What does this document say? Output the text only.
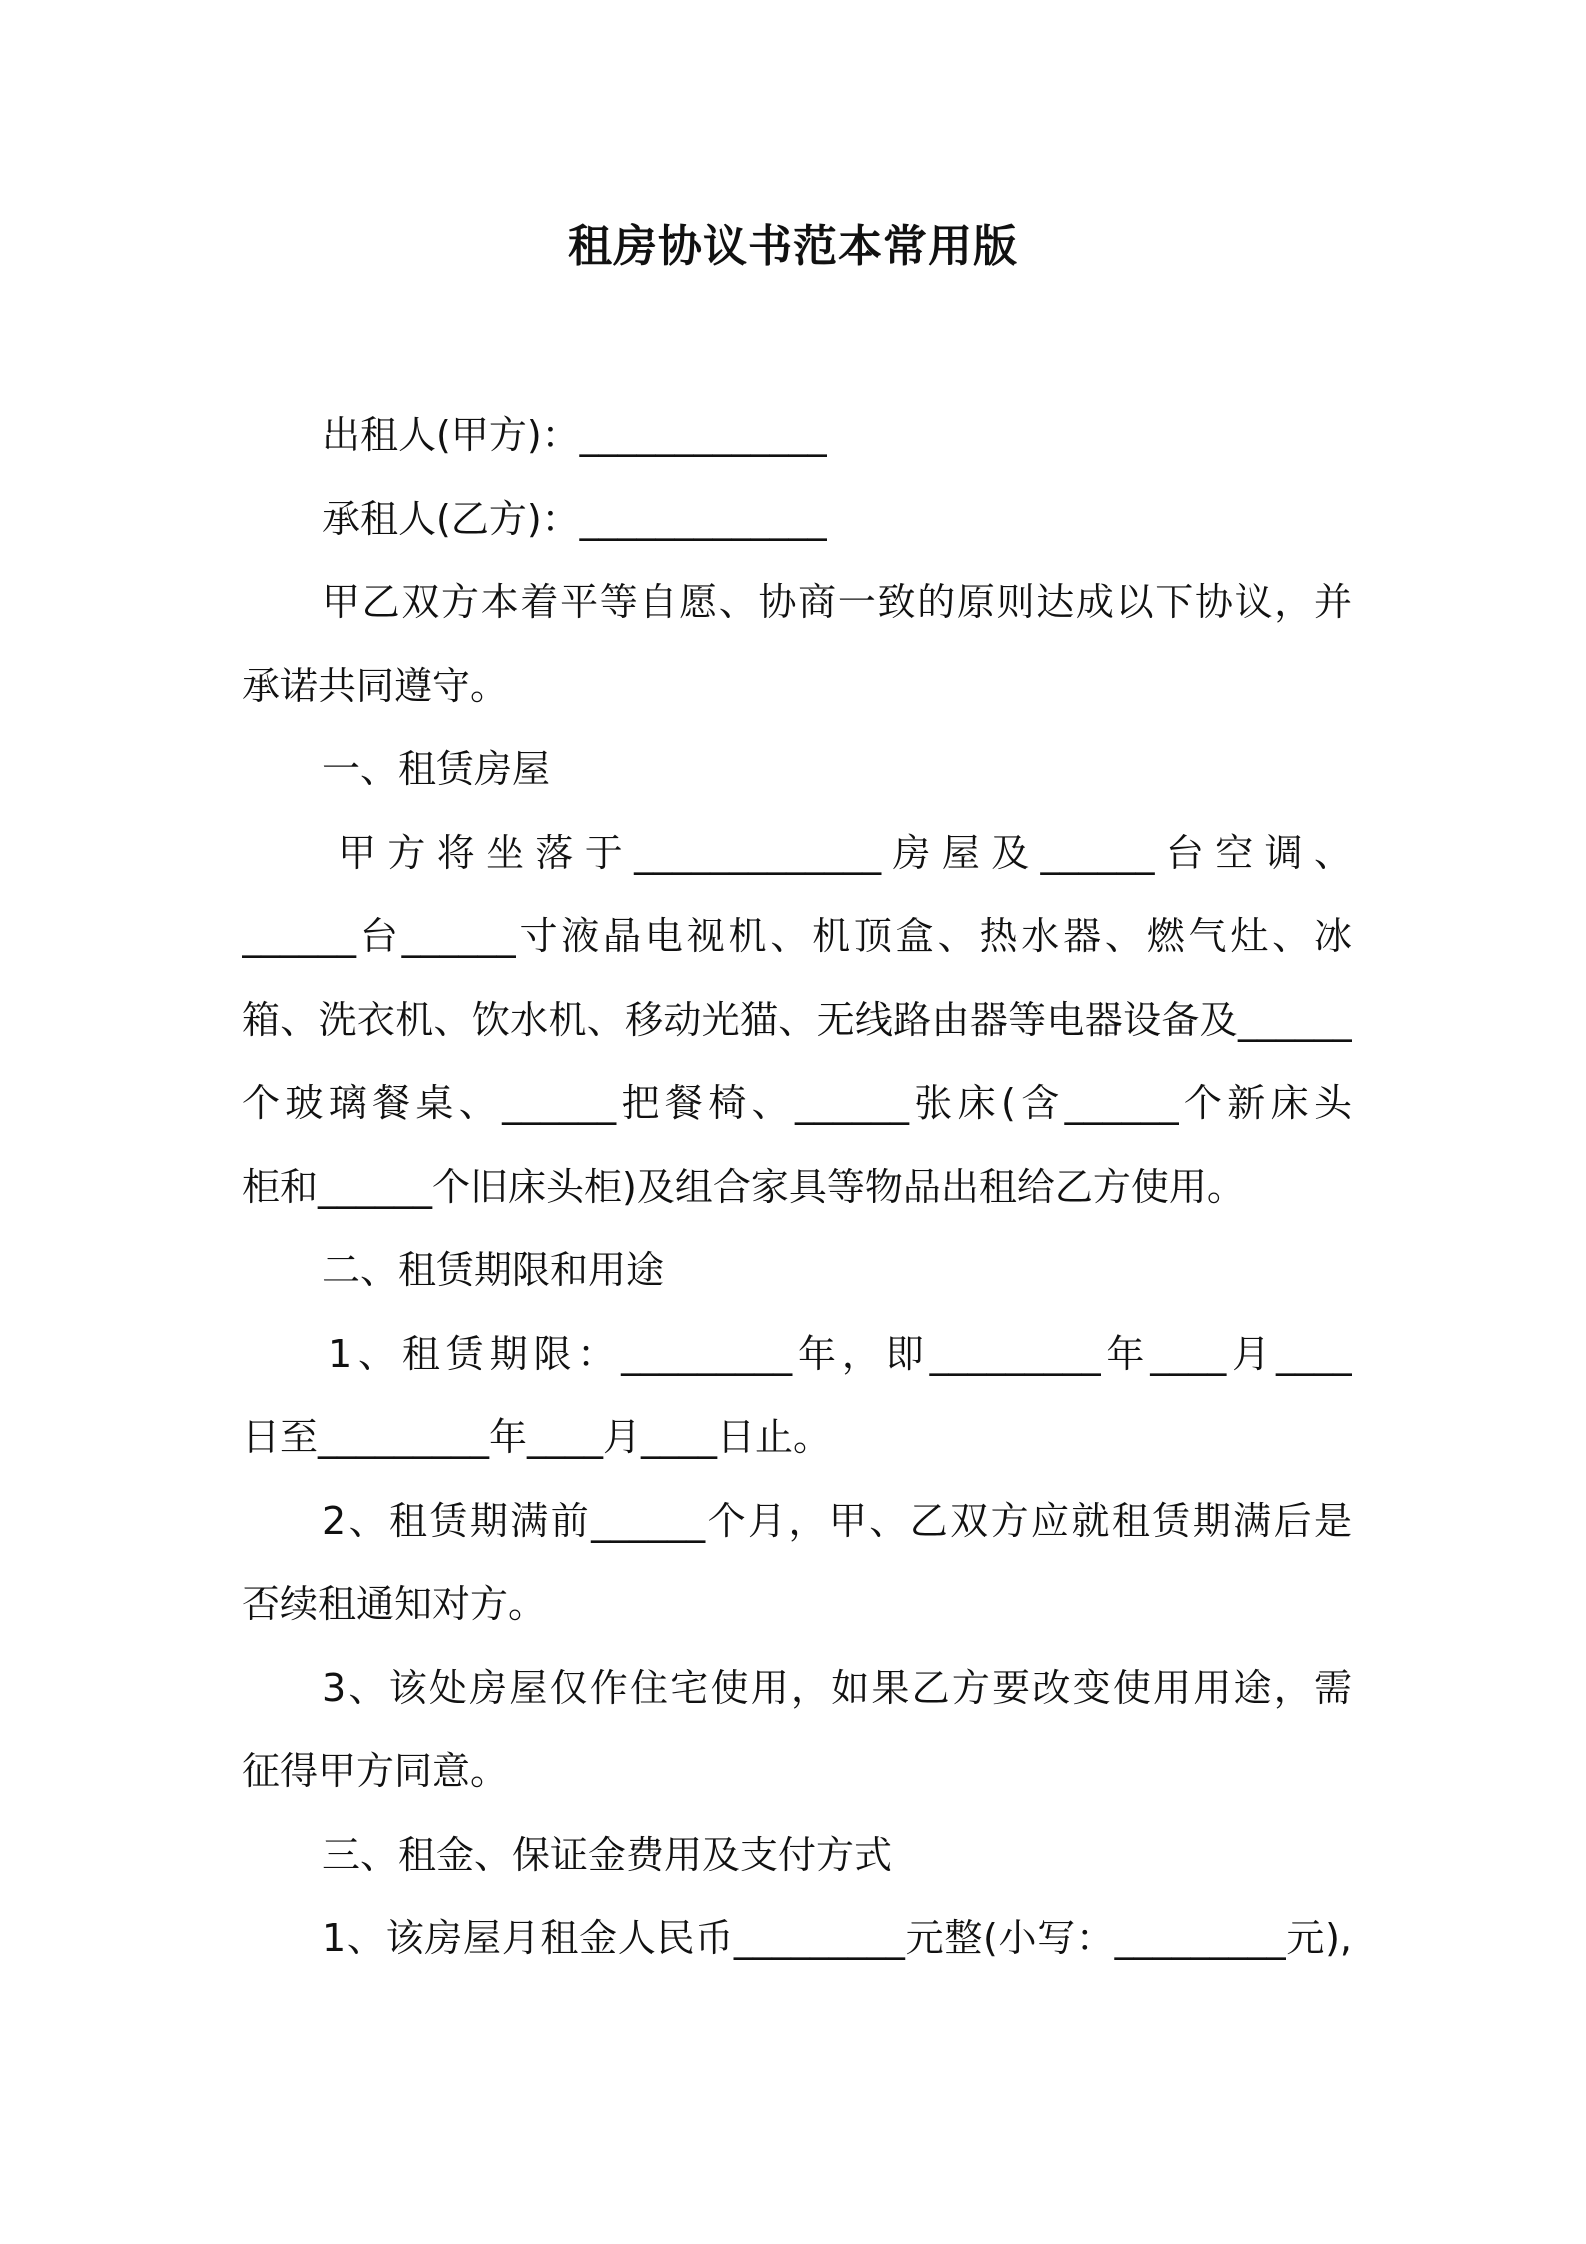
租房协议书范本常用版
出租人(甲方)：_____________
承租人(乙方)：_____________
甲乙双方本着平等自愿、协商一致的原则达成以下协议，并
承诺共同遵守。
一、租赁房屋
甲方将坐落于_____________房屋及______台空调、
______台______寸液晶电视机、机顶盒、热水器、燃气灶、冰
箱、洗衣机、饮水机、移动光猫、无线路由器等电器设备及______
个玻璃餐桌、______把餐椅、______张床(含______个新床头
柜和______个旧床头柜)及组合家具等物品出租给乙方使用。
二、租赁期限和用途
1、租赁期限：_________年，即_________年____月____
日至_________年____月____日止。
2、租赁期满前______个月，甲、乙双方应就租赁期满后是
否续租通知对方。
3、该处房屋仅作住宅使用，如果乙方要改变使用用途，需
征得甲方同意。
三、租金、保证金费用及支付方式
1、该房屋月租金人民币_________元整(小写：_________元),
